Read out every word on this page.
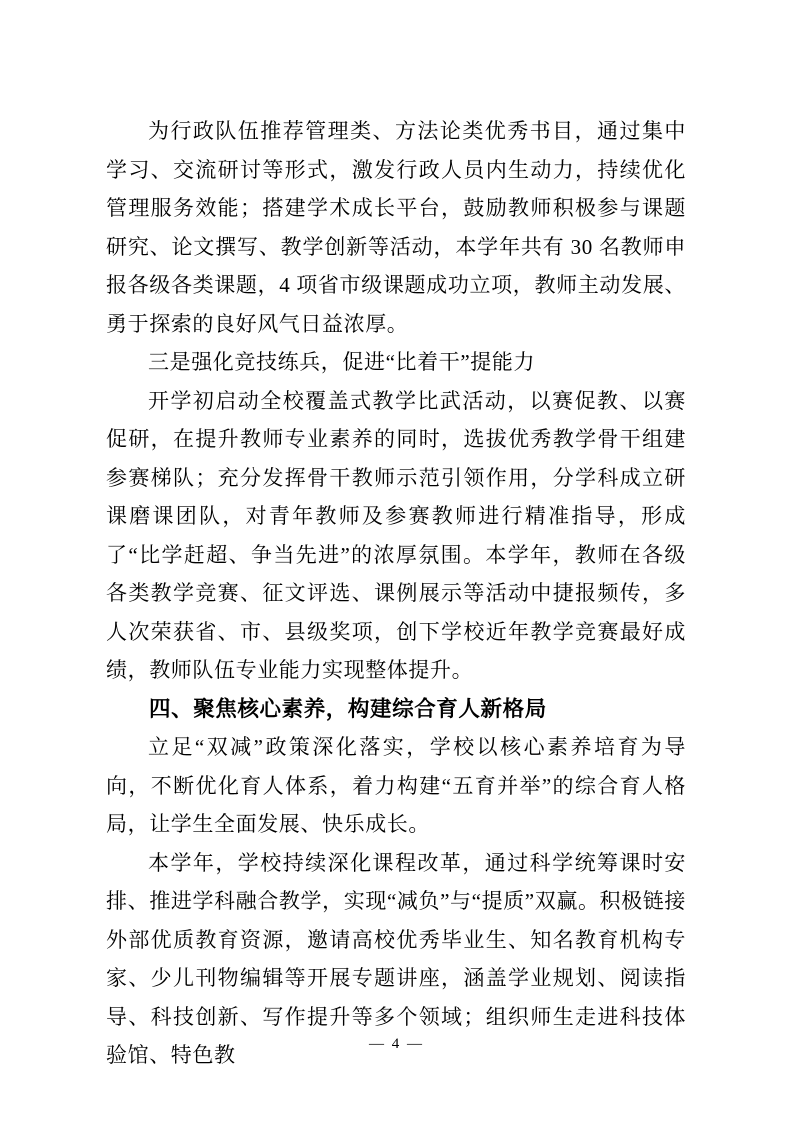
为行政队伍推荐管理类、方法论类优秀书目，通过集中学习、交流研讨等形式，激发行政人员内生动力，持续优化管理服务效能；搭建学术成长平台，鼓励教师积极参与课题研究、论文撰写、教学创新等活动，本学年共有 30 名教师申报各级各类课题，4 项省市级课题成功立项，教师主动发展、勇于探索的良好风气日益浓厚。

三是强化竞技练兵，促进“比着干”提能力

开学初启动全校覆盖式教学比武活动，以赛促教、以赛促研，在提升教师专业素养的同时，选拔优秀教学骨干组建参赛梯队；充分发挥骨干教师示范引领作用，分学科成立研课磨课团队，对青年教师及参赛教师进行精准指导，形成了“比学赶超、争当先进”的浓厚氛围。本学年，教师在各级各类教学竞赛、征文评选、课例展示等活动中捷报频传，多人次荣获省、市、县级奖项，创下学校近年教学竞赛最好成绩，教师队伍专业能力实现整体提升。

四、聚焦核心素养，构建综合育人新格局

立足“双减”政策深化落实，学校以核心素养培育为导向，不断优化育人体系，着力构建“五育并举”的综合育人格局，让学生全面发展、快乐成长。

本学年，学校持续深化课程改革，通过科学统筹课时安排、推进学科融合教学，实现“减负”与“提质”双赢。积极链接外部优质教育资源，邀请高校优秀毕业生、知名教育机构专家、少儿刊物编辑等开展专题讲座，涵盖学业规划、阅读指导、科技创新、写作提升等多个领域；组织师生走进科技体验馆、特色教	— 4 —
